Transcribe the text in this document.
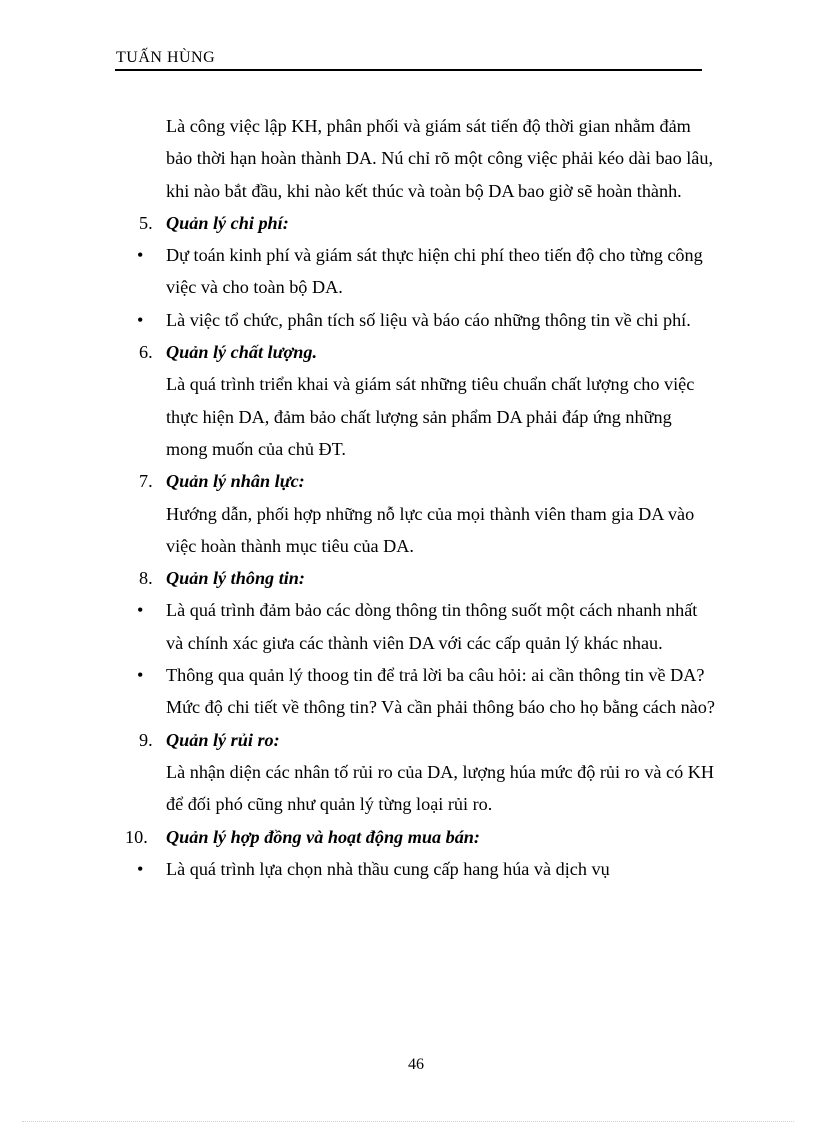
TUẤN HÙNG
Là công việc lập KH, phân phối và giám sát tiến độ thời gian nhằm đảm bảo thời hạn hoàn thành DA. Nú chỉ rõ một công việc phải kéo dài bao lâu, khi nào bắt đầu, khi nào kết thúc và toàn bộ DA bao giờ sẽ hoàn thành.
5. Quản lý chi phí:
• Dự toán kinh phí và giám sát thực hiện chi phí theo tiến độ cho từng công việc và cho toàn bộ DA.
• Là việc tổ chức, phân tích số liệu và báo cáo những thông tin về chi phí.
6. Quản lý chất lượng.
Là quá trình triển khai và giám sát những tiêu chuẩn chất lượng cho việc thực hiện DA, đảm bảo chất lượng sản phẩm DA phải đáp ứng những mong muốn của chủ ĐT.
7. Quản lý nhân lực:
Hướng dẫn, phối hợp những nỗ lực của mọi thành viên tham gia DA vào việc hoàn thành mục tiêu của DA.
8. Quản lý thông tin:
• Là quá trình đảm bảo các dòng thông tin thông suốt một cách nhanh nhất và chính xác giưa các thành viên DA với các cấp quản lý khác nhau.
• Thông qua quản lý thoog tin để trả lời ba câu hỏi: ai cần thông tin về DA? Mức độ chi tiết về thông tin? Và cần phải thông báo cho họ bằng cách nào?
9. Quản lý rủi ro:
Là nhận diện các nhân tố rủi ro của DA, lượng húa mức độ rủi ro và có KH để đối phó cũng như quản lý từng loại rủi ro.
10. Quản lý hợp đồng và hoạt động mua bán:
• Là quá trình lựa chọn nhà thầu cung cấp hang húa và dịch vụ
46
